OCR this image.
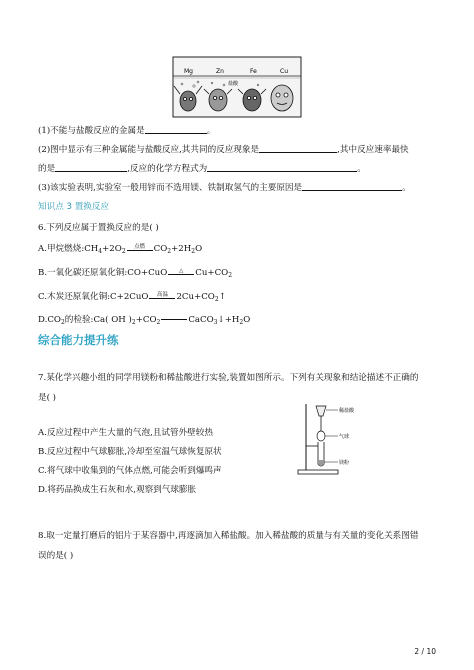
Mg	Zn	Fe	Cu
盐酸
(1)不能与盐酸反应的金属是	。
(2)图中显示有三种金属能与盐酸反应,其共同的反应现象是	,其中反应速率最快
的是	,反应的化学方程式为	。
(3)该实验表明,实验室一般用锌而不选用镁、铁制取氢气的主要原因是	。
知识点 3 置换反应
6.下列反应属于置换反应的是( )
A.甲烷燃烧$:CH_4+2O_2$
点燃 $CO_2+2H_2O$
B.一氧化碳还原氧化铜:CO+CuO △ $Cu+CO_2$
C.木炭还原氧化铜:C+2CuO 高温 $2Cu+CO_2↑$
$D.CO_2$的检验:Ca( OH )$_2+CO_2$	$CaCO_3↓+H_2O$
综合能力提升练
7.某化学兴趣小组的同学用镁粉和稀盐酸进行实验,装置如图所示。下列有关现象和结论描述不正确的
是( )
A.反应过程中产生大量的气泡,且试管外壁较热
B.反应过程中气球膨胀,冷却至室温气球恢复原状
C.将气球中收集到的气体点燃,可能会听到爆鸣声
D.将药品换成生石灰和水,观察到气球膨胀
稀盐酸
气球
镁粉
8.取一定量打磨后的铝片于某容器中,再逐滴加入稀盐酸。加入稀盐酸的质量与有关量的变化关系图错
误的是( )
2 / 10
